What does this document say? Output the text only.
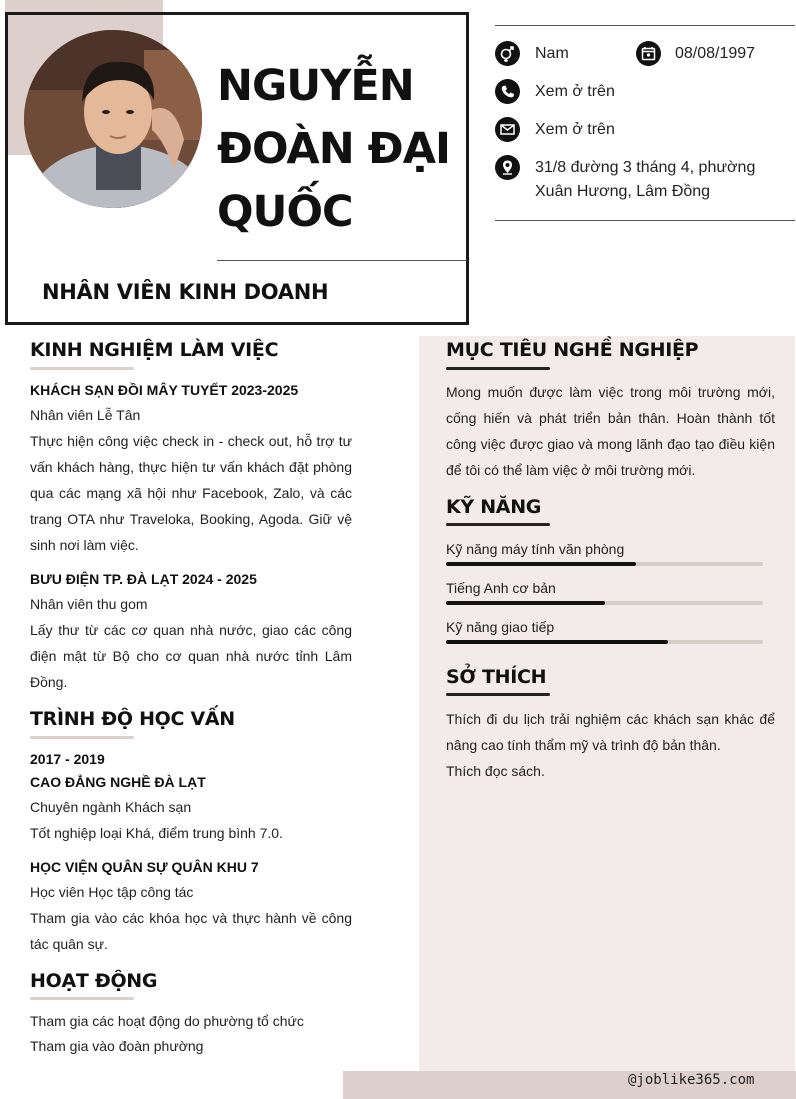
NGUYỄN
ĐOÀN ĐẠI
QUỐC
NHÂN VIÊN KINH DOANH
Nam	08/08/1997
Xem ở trên
Xem ở trên
31/8 đường 3 tháng 4, phường
Xuân Hương, Lâm Đồng
KINH NGHIỆM LÀM VIỆC
KHÁCH SẠN ĐỒI MÂY TUYẾT 2023-2025
Nhân viên Lễ Tân
Thực hiện công việc check in - check out, hỗ trợ tư
vấn khách hàng, thực hiện tư vấn khách đặt phòng
qua các mạng xã hội như Facebook, Zalo, và các
trang OTA như Traveloka, Booking, Agoda. Giữ vệ
sinh nơi làm việc.
BƯU ĐIỆN TP. ĐÀ LẠT 2024 - 2025
Nhân viên thu gom
Lấy thư từ các cơ quan nhà nước, giao các công
điện mật từ Bộ cho cơ quan nhà nước tỉnh Lâm
Đồng.
TRÌNH ĐỘ HỌC VẤN
2017 - 2019
CAO ĐẲNG NGHỀ ĐÀ LẠT
Chuyên ngành Khách sạn
Tốt nghiệp loại Khá, điểm trung bình 7.0.
HỌC VIỆN QUÂN SỰ QUÂN KHU 7
Học viên Học tập công tác
Tham gia vào các khóa học và thực hành về công
tác quân sự.
HOẠT ĐỘNG
Tham gia các hoạt động do phường tổ chức
Tham gia vào đoàn phường
MỤC TIÊU NGHỀ NGHIỆP
Mong muốn được làm việc trong môi trường mới,
cống hiến và phát triển bản thân. Hoàn thành tốt
công việc được giao và mong lãnh đạo tạo điều kiện
để tôi có thể làm việc ở môi trường mới.
KỸ NĂNG
Kỹ năng máy tính văn phòng
Tiếng Anh cơ bản
Kỹ năng giao tiếp
SỞ THÍCH
Thích đi du lịch trải nghiệm các khách sạn khác để
nâng cao tính thẩm mỹ và trình độ bản thân.
Thích đọc sách.
@joblike365.com
